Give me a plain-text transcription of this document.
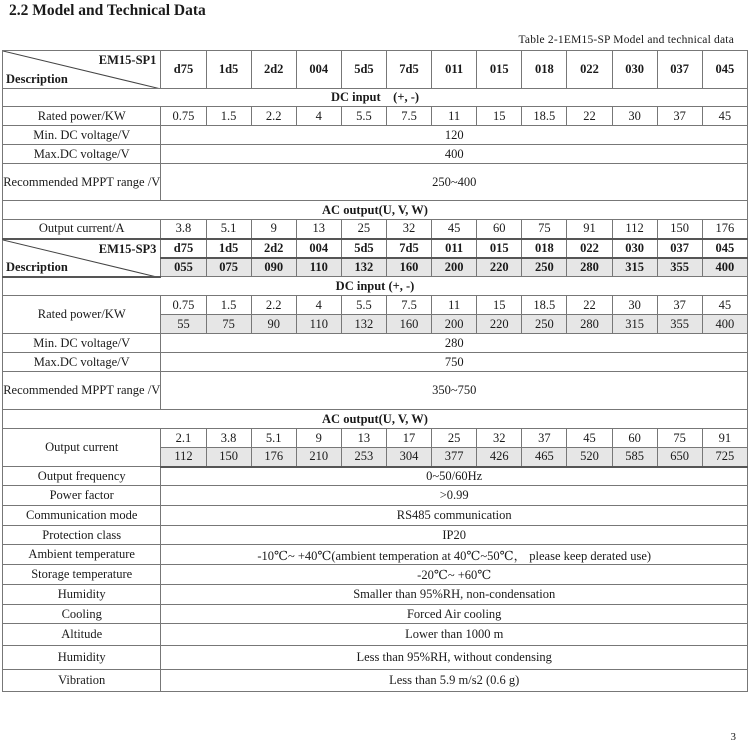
2.2 Model and Technical Data
Table 2-1EM15-SP Model and technical data
EM15-SP1
Description	d75	1d5	2d2	004	5d5	7d5	011	015	018	022	030	037	045
DC input    (+, -)													
Rated power/KW	0.75	1.5	2.2	4	5.5	7.5	11	15	18.5	22	30	37	45
Min. DC voltage/V	120												
Max.DC voltage/V	400												
Recommended MPPT range /V	250~400												
AC output(U, V, W)													
Output current/A	3.8	5.1	9	13	25	32	45	60	75	91	112	150	176

EM15-SP3
Description	d75	1d5	2d2	004	5d5	7d5	011	015	018	022	030	037	045
	055	075	090	110	132	160	200	220	250	280	315	355	400
DC input (+, -)													
Rated power/KW	0.75	1.5	2.2	4	5.5	7.5	11	15	18.5	22	30	37	45
	55	75	90	110	132	160	200	220	250	280	315	355	400
Min. DC voltage/V	280												
Max.DC voltage/V	750												
Recommended MPPT range /V	350~750												
AC output(U, V, W)													
Output current	2.1	3.8	5.1	9	13	17	25	32	37	45	60	75	91
	112	150	176	210	253	304	377	426	465	520	585	650	725
Output frequency	0~50/60Hz												
Power factor	>0.99												
Communication mode	RS485 communication												
Protection class	IP20												
Ambient temperature	-10℃~ +40℃(ambient temperation at 40℃~50℃， please keep derated use)												
Storage temperature	-20℃~ +60℃												
Humidity	Smaller than 95%RH, non-condensation												
Cooling	Forced Air cooling												
Altitude	Lower than 1000 m												
Humidity	Less than 95%RH, without condensing												
Vibration	Less than 5.9 m/s2 (0.6 g)												
3
